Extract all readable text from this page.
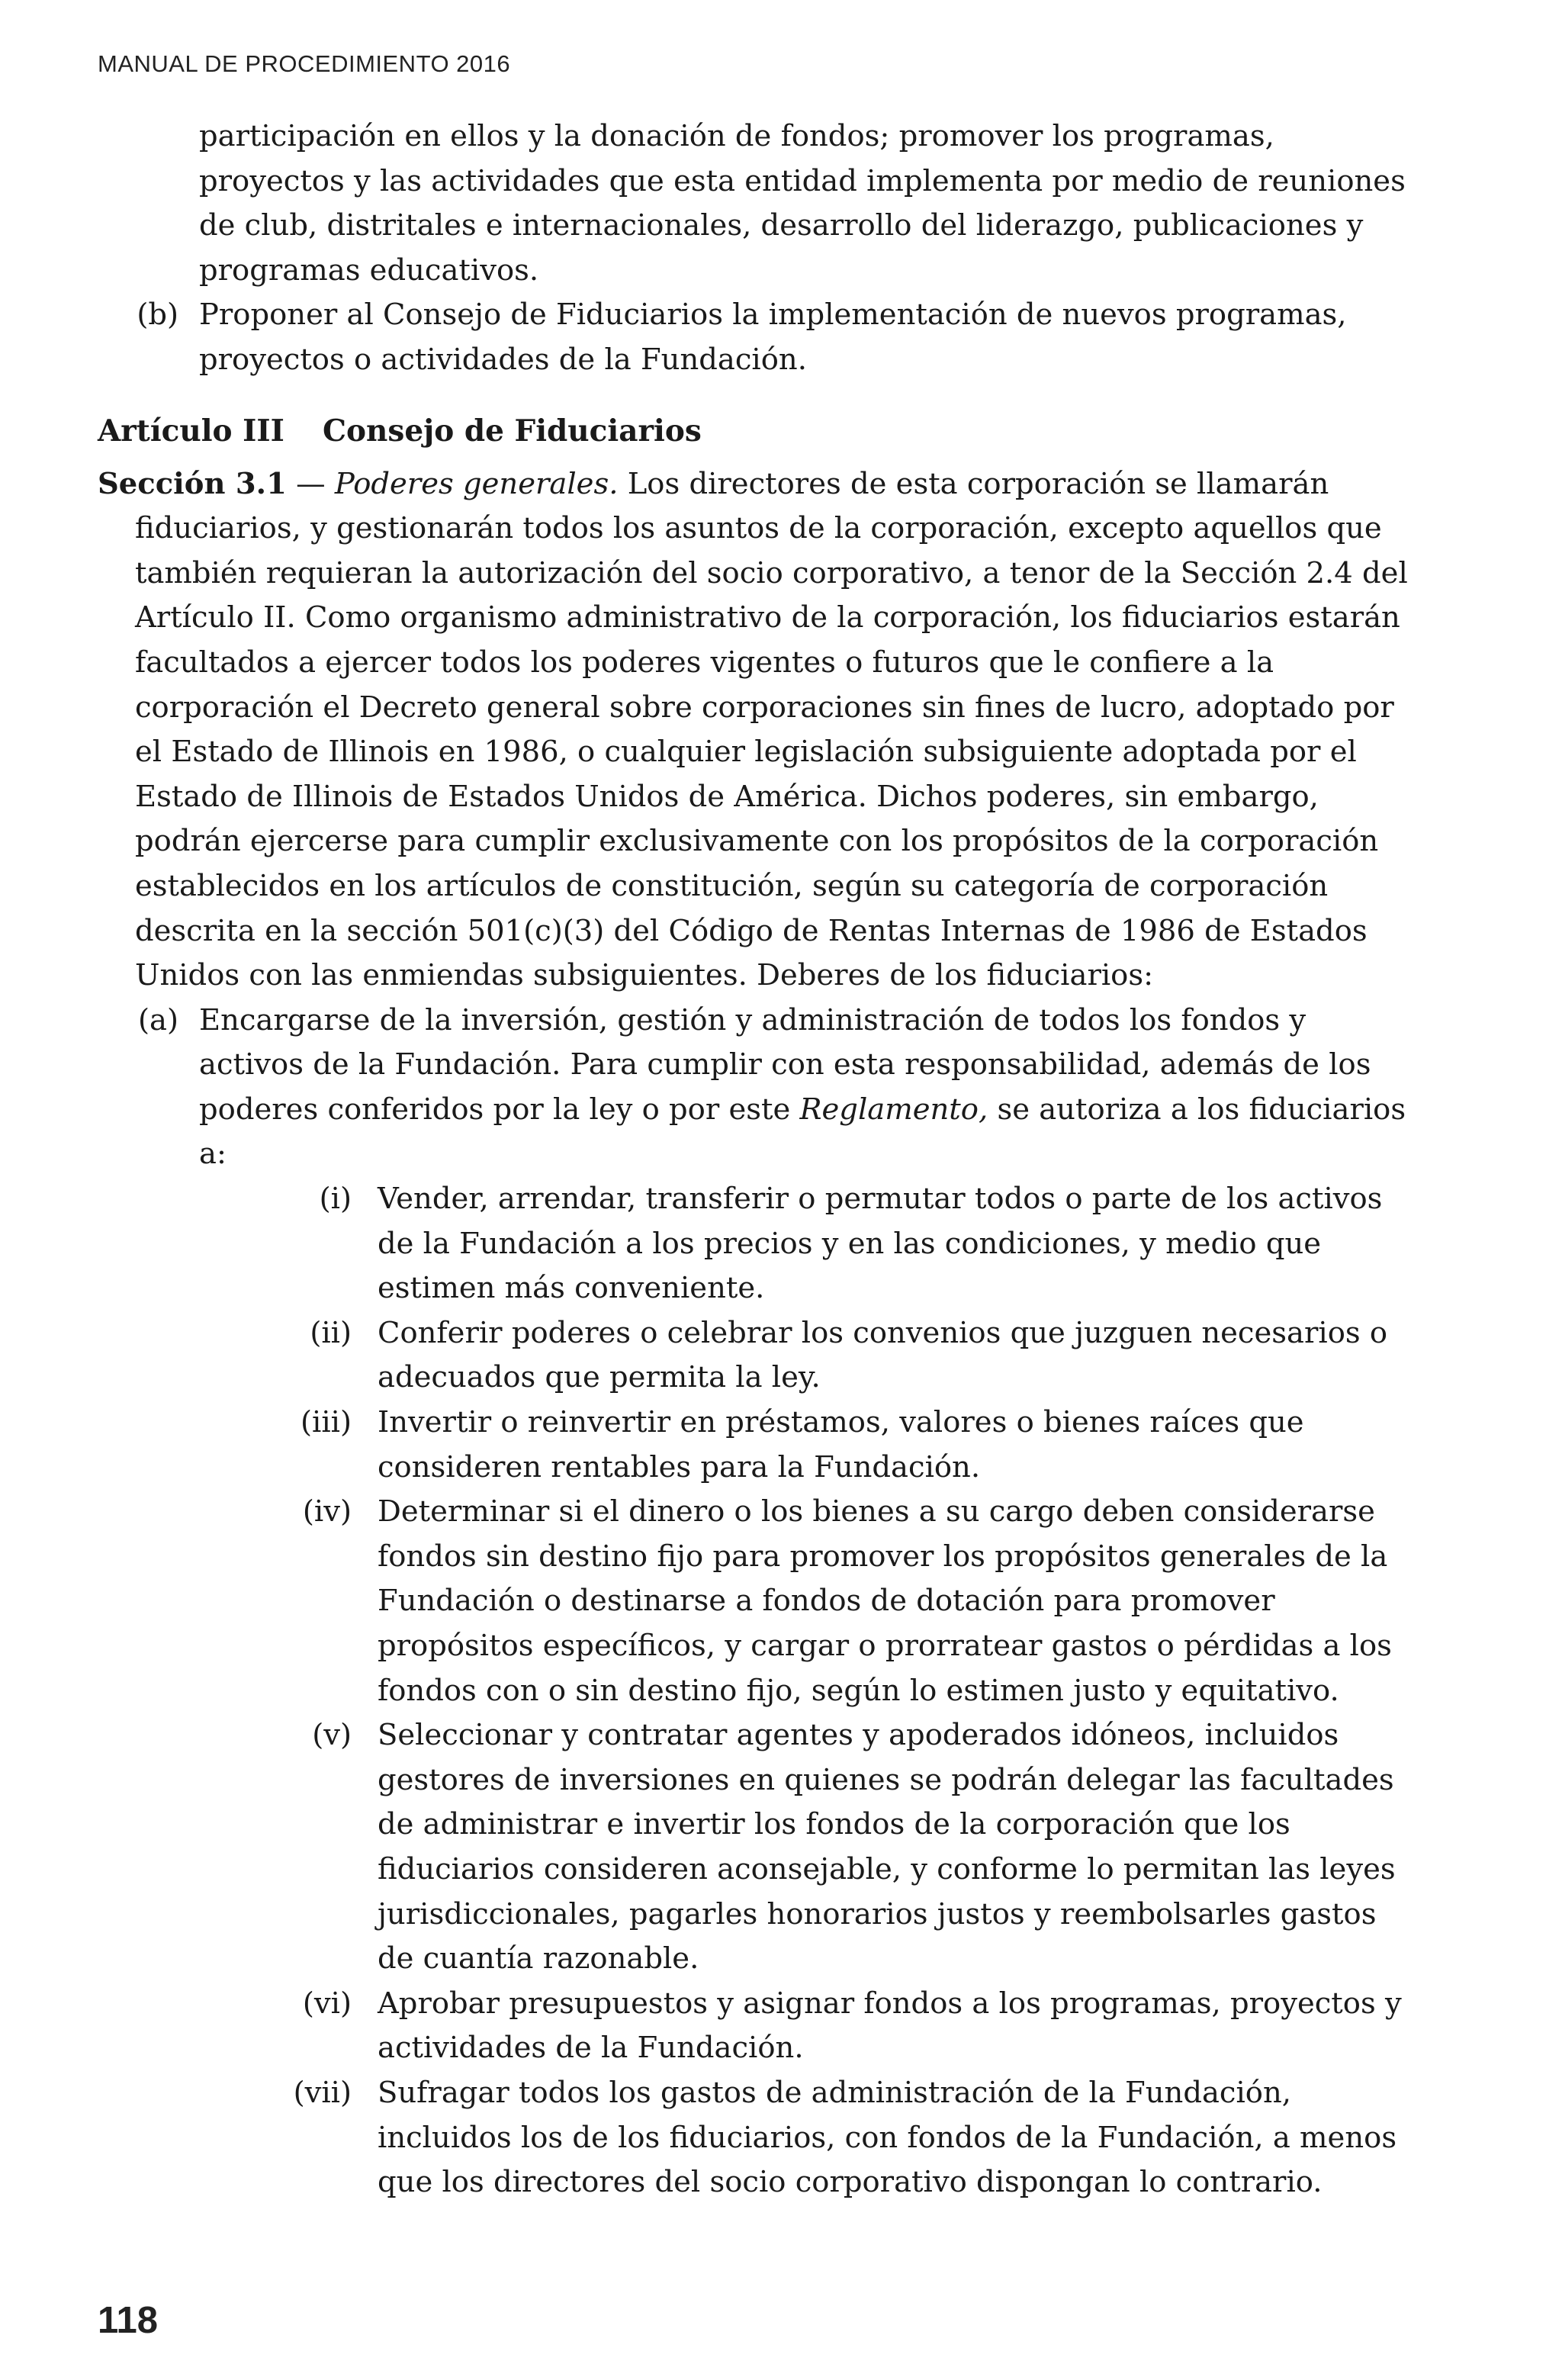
MANUAL DE PROCEDIMIENTO 2016

participación en ellos y la donación de fondos; promover los programas, proyectos y las actividades que esta entidad implementa por medio de reuniones de club, distritales e internacionales, desarrollo del liderazgo, publicaciones y programas educativos.

(b) Proponer al Consejo de Fiduciarios la implementación de nuevos programas, proyectos o actividades de la Fundación.
Artículo III Consejo de Fiduciarios

Sección 3.1 — Poderes generales. Los directores de esta corporación se llamarán fiduciarios, y gestionarán todos los asuntos de la corporación, excepto aquellos que también requieran la autorización del socio corporativo, a tenor de la Sección 2.4 del Artículo II. Como organismo administrativo de la corporación, los fiduciarios estarán facultados a ejercer todos los poderes vigentes o futuros que le confiere a la corporación el Decreto general sobre corporaciones sin fines de lucro, adoptado por el Estado de Illinois en 1986, o cualquier legislación subsiguiente adoptada por el Estado de Illinois de Estados Unidos de América. Dichos poderes, sin embargo, podrán ejercerse para cumplir exclusivamente con los propósitos de la corporación establecidos en los artículos de constitución, según su categoría de corporación descrita en la sección 501(c)(3) del Código de Rentas Internas de 1986 de Estados Unidos con las enmiendas subsiguientes. Deberes de los fiduciarios:

(a) Encargarse de la inversión, gestión y administración de todos los fondos y activos de la Fundación. Para cumplir con esta responsabilidad, además de los poderes conferidos por la ley o por este Reglamento, se autoriza a los fiduciarios a:
(i) Vender, arrendar, transferir o permutar todos o parte de los activos de la Fundación a los precios y en las condiciones, y medio que estimen más conveniente.
(ii) Conferir poderes o celebrar los convenios que juzguen necesarios o adecuados que permita la ley.
(iii) Invertir o reinvertir en préstamos, valores o bienes raíces que consideren rentables para la Fundación.
(iv) Determinar si el dinero o los bienes a su cargo deben considerarse fondos sin destino fijo para promover los propósitos generales de la Fundación o destinarse a fondos de dotación para promover propósitos específicos, y cargar o prorratear gastos o pérdidas a los fondos con o sin destino fijo, según lo estimen justo y equitativo.
(v) Seleccionar y contratar agentes y apoderados idóneos, incluidos gestores de inversiones en quienes se podrán delegar las facultades de administrar e invertir los fondos de la corporación que los fiduciarios consideren aconsejable, y conforme lo permitan las leyes jurisdiccionales, pagarles honorarios justos y reembolsarles gastos de cuantía razonable.
(vi) Aprobar presupuestos y asignar fondos a los programas, proyectos y actividades de la Fundación.
(vii) Sufragar todos los gastos de administración de la Fundación, incluidos los de los fiduciarios, con fondos de la Fundación, a menos que los directores del socio corporativo dispongan lo contrario.
118
